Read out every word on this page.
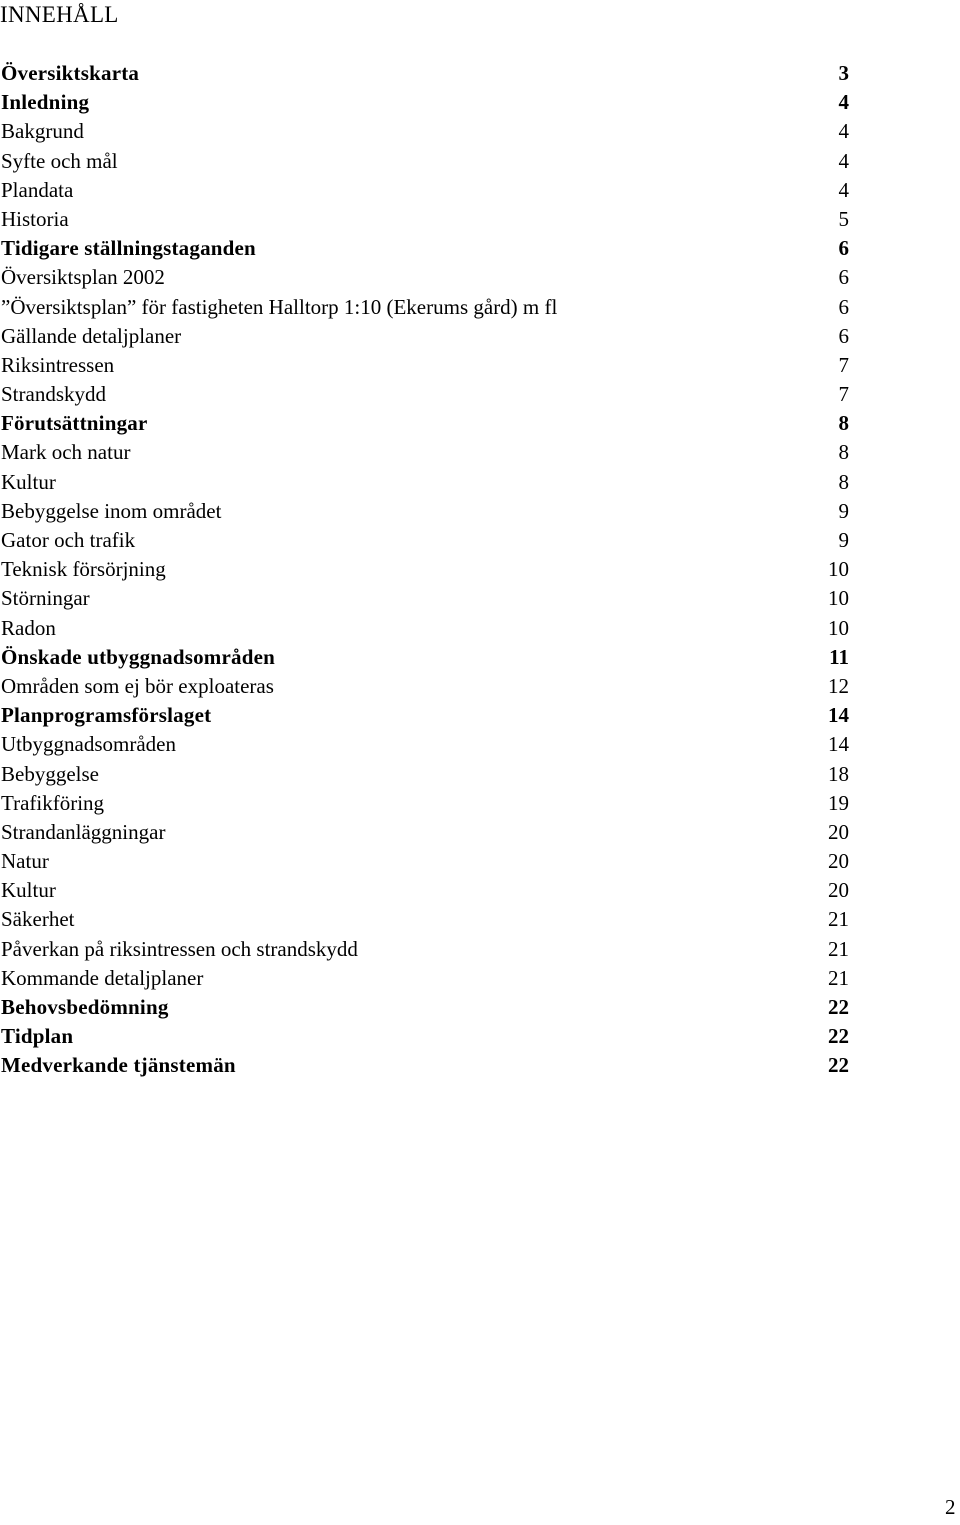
INNEHÅLL
Översiktskarta	3
Inledning	4
Bakgrund	4
Syfte och mål	4
Plandata	4
Historia	5
Tidigare ställningstaganden	6
Översiktsplan 2002	6
”Översiktsplan” för fastigheten Halltorp 1:10 (Ekerums gård) m fl	6
Gällande detaljplaner	6
Riksintressen	7
Strandskydd	7
Förutsättningar	8
Mark och natur	8
Kultur	8
Bebyggelse inom området	9
Gator och trafik	9
Teknisk försörjning	10
Störningar	10
Radon	10
Önskade utbyggnadsområden	11
Områden som ej bör exploateras	12
Planprogramsförslaget	14
Utbyggnadsområden	14
Bebyggelse	18
Trafikföring	19
Strandanläggningar	20
Natur	20
Kultur	20
Säkerhet	21
Påverkan på riksintressen och strandskydd	21
Kommande detaljplaner	21
Behovsbedömning	22
Tidplan	22
Medverkande tjänstemän	22
2
